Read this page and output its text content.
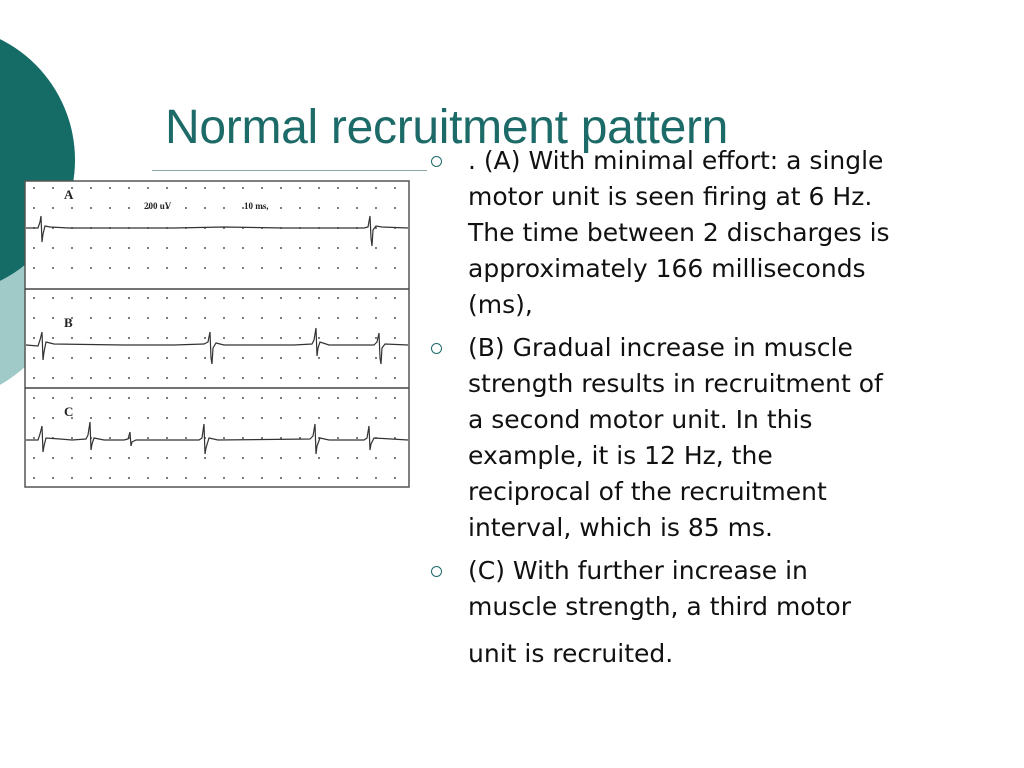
Normal recruitment pattern
A
200 uV	10 ms,
B
C
. (A) With minimal effort: a single
motor unit is seen firing at 6 Hz.
The time between 2 discharges is
approximately 166 milliseconds
(ms),
(B) Gradual increase in muscle
strength results in recruitment of
a second motor unit. In this
example, it is 12 Hz, the
reciprocal of the recruitment
interval, which is 85 ms.
(C) With further increase in
muscle strength, a third motor
unit is recruited.
